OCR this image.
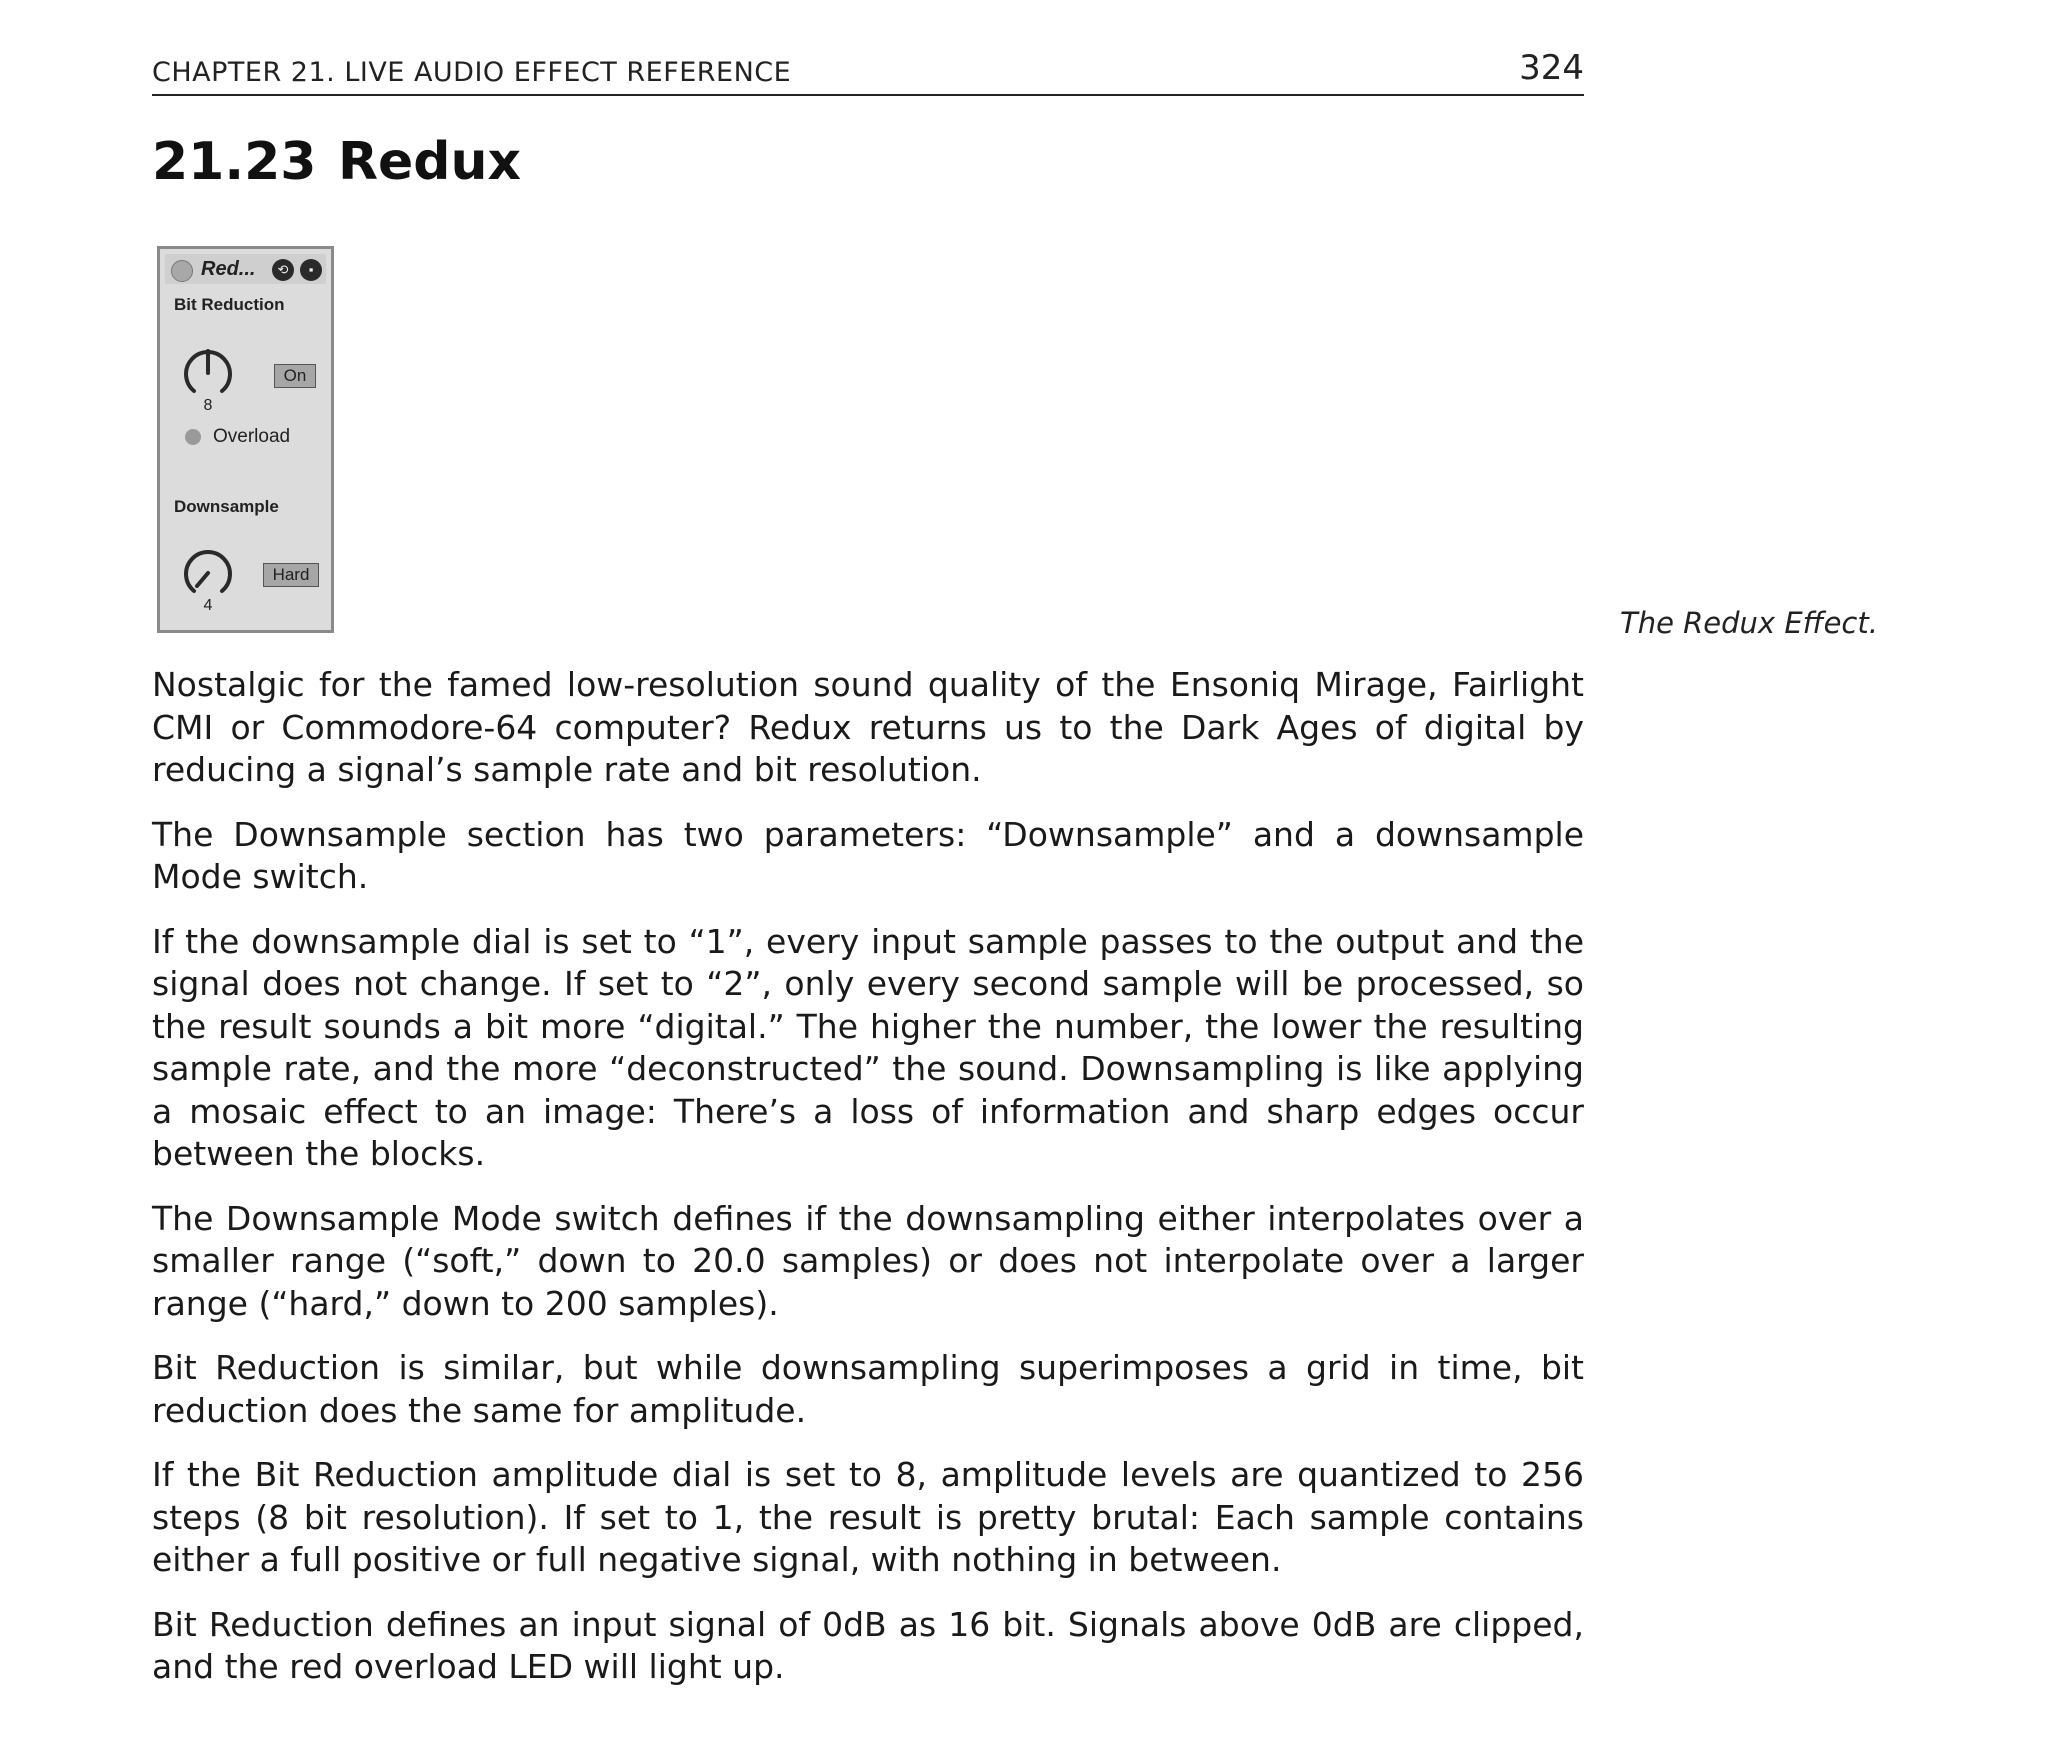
CHAPTER 21. LIVE AUDIO EFFECT REFERENCE	324
21.23 Redux
Red...	⟲	▪
Bit Reduction
8
On
Overload
Downsample
4
Hard
The Redux Effect.

Nostalgic for the famed low-resolution sound quality of the Ensoniq Mirage, Fairlight CMI or Commodore-64 computer? Redux returns us to the Dark Ages of digital by reducing a signal’s sample rate and bit resolution.

The Downsample section has two parameters: “Downsample” and a downsample Mode switch.

If the downsample dial is set to “1”, every input sample passes to the output and the signal does not change. If set to “2”, only every second sample will be processed, so the result sounds a bit more “digital.” The higher the number, the lower the resulting sample rate, and the more “deconstructed” the sound. Downsampling is like applying a mosaic effect to an image: There’s a loss of information and sharp edges occur between the blocks.

The Downsample Mode switch defines if the downsampling either interpolates over a smaller range (“soft,” down to 20.0 samples) or does not interpolate over a larger range (“hard,” down to 200 samples).

Bit Reduction is similar, but while downsampling superimposes a grid in time, bit reduction does the same for amplitude.

If the Bit Reduction amplitude dial is set to 8, amplitude levels are quantized to 256 steps (8 bit resolution). If set to 1, the result is pretty brutal: Each sample contains either a full positive or full negative signal, with nothing in between.

Bit Reduction defines an input signal of 0dB as 16 bit. Signals above 0dB are clipped, and the red overload LED will light up.
